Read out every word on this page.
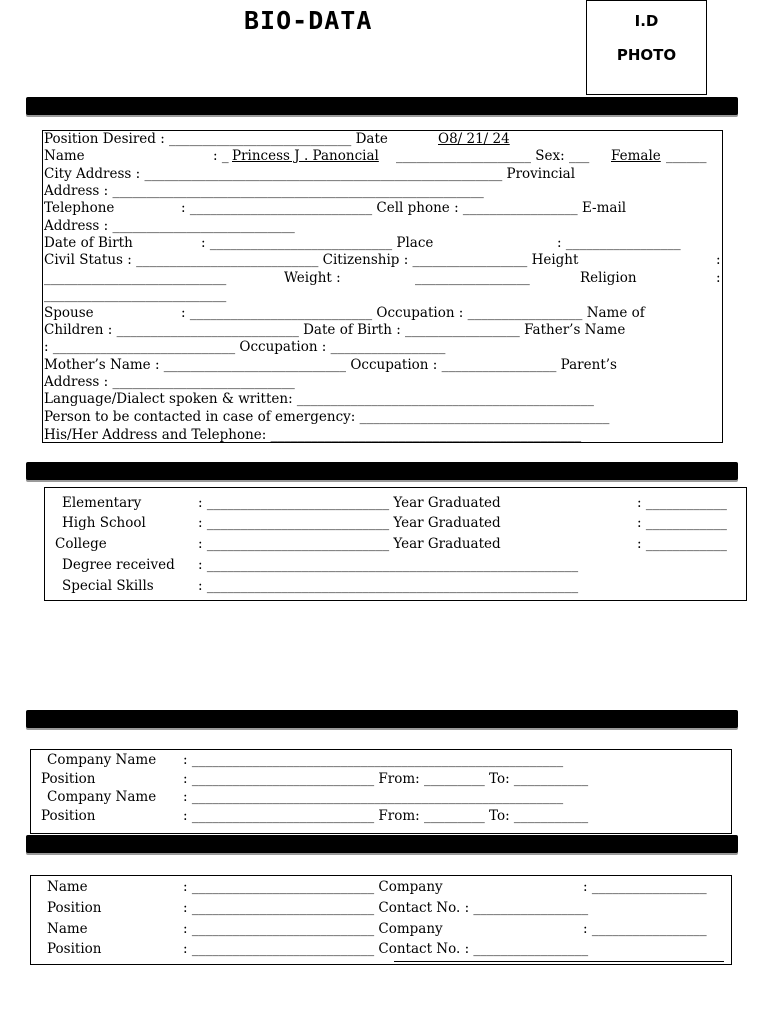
BIO-DATA	I.D
PHOTO
Position Desired : ___________________________ Date	O8/ 21/ 24
Name	: _ Princess J . Panoncial ____________________ Sex: ___ Female ______
City Address : _____________________________________________________ Provincial
Address : _______________________________________________________
Telephone	: ___________________________ Cell phone : _________________ E-mail
Address : ___________________________
Date of Birth	: ___________________________ Place	: _________________
Civil Status : ___________________________ Citizenship : _________________ Height	:
___________________________	Weight :	_________________	Religion	:
___________________________
Spouse	: ___________________________ Occupation : _________________ Name of
Children : ___________________________ Date of Birth : _________________ Father’s Name
: ___________________________ Occupation : _________________
Mother’s Name : ___________________________ Occupation : _________________ Parent’s
Address : ___________________________
Language/Dialect spoken & written: ____________________________________________
Person to be contacted in case of emergency: _____________________________________
His/Her Address and Telephone: ______________________________________________
Elementary	: ___________________________ Year Graduated	: ____________
High School	: ___________________________ Year Graduated	: ____________
College	: ___________________________ Year Graduated	: ____________
Degree received : _______________________________________________________
Special Skills	: _______________________________________________________
Company Name : _______________________________________________________
Position	: ___________________________ From: _________ To: ___________
Company Name : _______________________________________________________
Position	: ___________________________ From: _________ To: ___________
Name	: ___________________________ Company	: _________________
Position	: ___________________________ Contact No. : _________________
Name	: ___________________________ Company	: _________________
Position	: ___________________________ Contact No. : _________________
